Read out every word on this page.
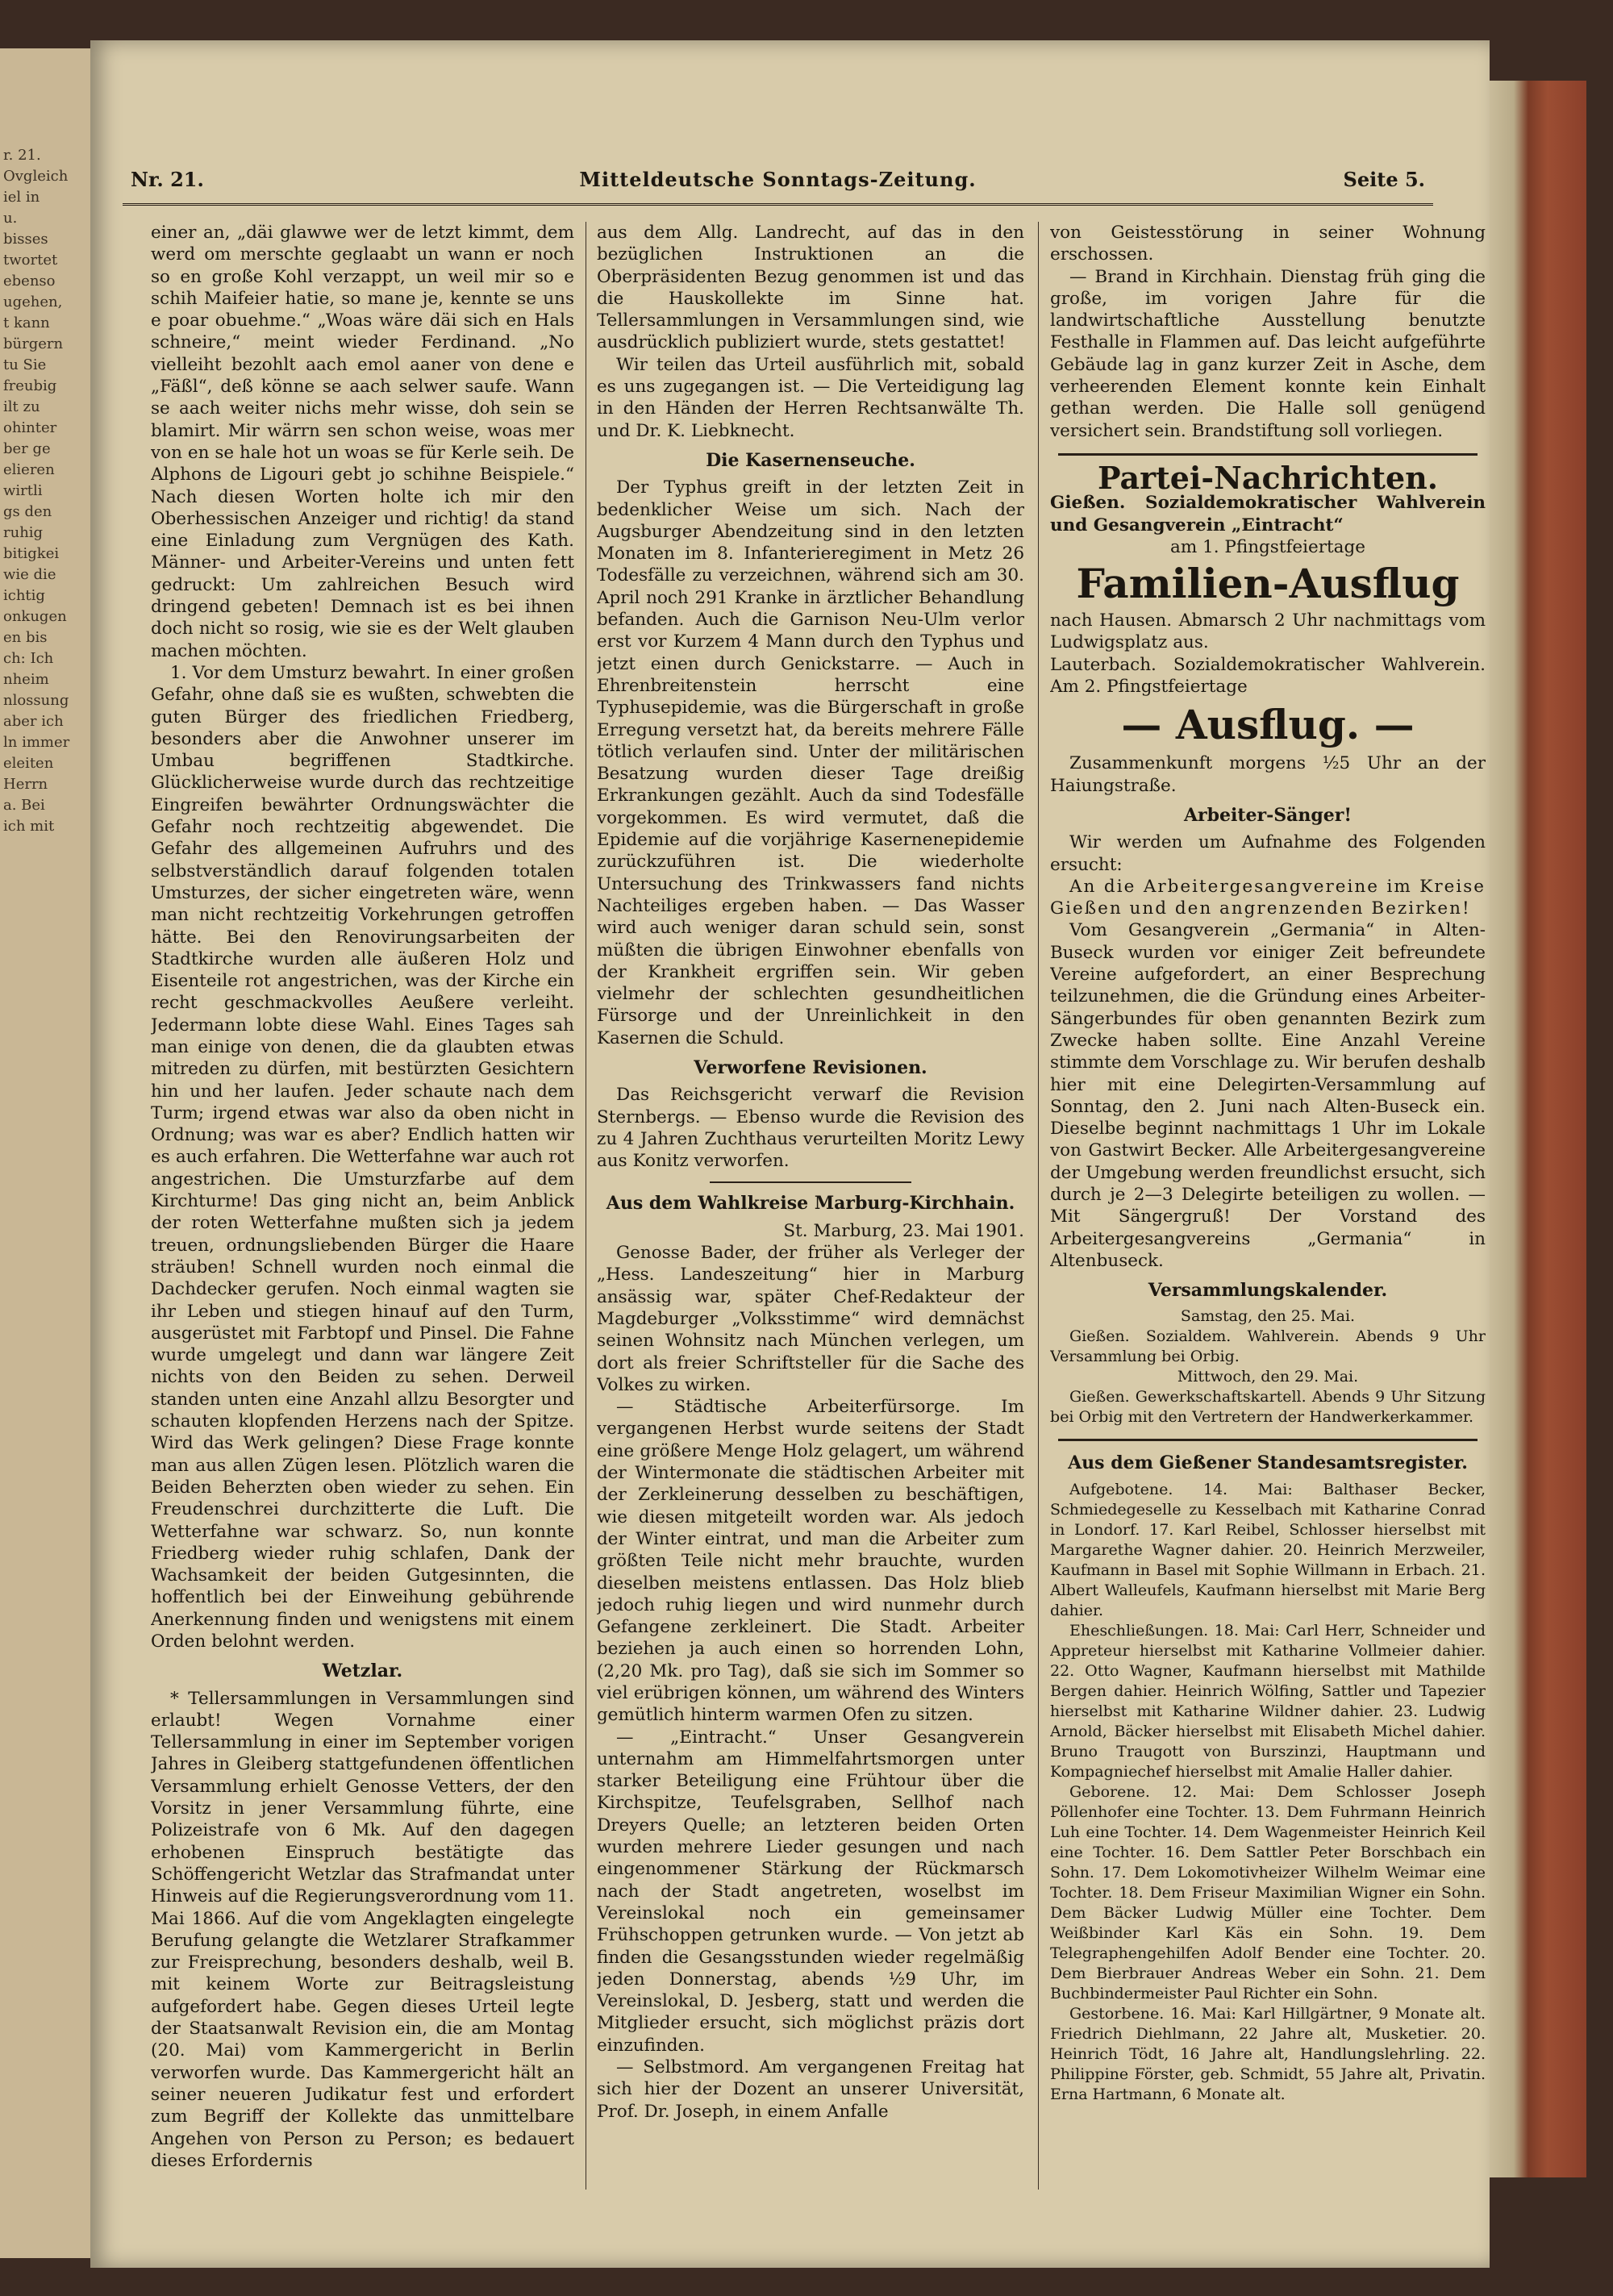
r. 21.
Ovgleich
iel in
u.
bisses
twortet
ebenso
ugehen,
t kann
bürgern
tu Sie
freubig
ilt zu
ohinter
ber ge
elieren
wirtli
gs den
ruhig
bitigkei
wie die
ichtig
onkugen
en bis
ch: Ich
nheim
nlossung
aber ich
ln immer
eleiten
Herrn
a. Bei
ich mit
Nr. 21.	Mitteldeutsche Sonntags-Zeitung.	Seite 5.

einer an, „däi glawwe wer de letzt kimmt, dem werd om merschte geglaabt un wann er noch so en große Kohl verzappt, un weil mir so e schih Maifeier hatie, so mane je, kennte se uns e poar obuehme.“ „Woas wäre däi sich en Hals schneire,“ meint wieder Ferdinand. „No vielleiht bezohlt aach emol aaner von dene e „Fäßl“, deß könne se aach selwer saufe. Wann se aach weiter nichs mehr wisse, doh sein se blamirt. Mir wärrn sen schon weise, woas mer von en se hale hot un woas se für Kerle seih. De Alphons de Ligouri gebt jo schihne Beispiele.“ Nach diesen Worten holte ich mir den Oberhessischen Anzeiger und richtig! da stand eine Einladung zum Vergnügen des Kath. Männer- und Arbeiter-Vereins und unten fett gedruckt: Um zahlreichen Besuch wird dringend gebeten! Demnach ist es bei ihnen doch nicht so rosig, wie sie es der Welt glauben machen möchten.

1. Vor dem Umsturz bewahrt. In einer großen Gefahr, ohne daß sie es wußten, schwebten die guten Bürger des friedlichen Friedberg, besonders aber die Anwohner unserer im Umbau begriffenen Stadtkirche. Glücklicherweise wurde durch das rechtzeitige Eingreifen bewährter Ordnungswächter die Gefahr noch rechtzeitig abgewendet. Die Gefahr des allgemeinen Aufruhrs und des selbstverständlich darauf folgenden totalen Umsturzes, der sicher eingetreten wäre, wenn man nicht rechtzeitig Vorkehrungen getroffen hätte. Bei den Renovirungsarbeiten der Stadtkirche wurden alle äußeren Holz und Eisenteile rot angestrichen, was der Kirche ein recht geschmackvolles Aeußere verleiht. Jedermann lobte diese Wahl. Eines Tages sah man einige von denen, die da glaubten etwas mitreden zu dürfen, mit bestürzten Gesichtern hin und her laufen. Jeder schaute nach dem Turm; irgend etwas war also da oben nicht in Ordnung; was war es aber? Endlich hatten wir es auch erfahren. Die Wetterfahne war auch rot angestrichen. Die Umsturzfarbe auf dem Kirchturme! Das ging nicht an, beim Anblick der roten Wetterfahne mußten sich ja jedem treuen, ordnungsliebenden Bürger die Haare sträuben! Schnell wurden noch einmal die Dachdecker gerufen. Noch einmal wagten sie ihr Leben und stiegen hinauf auf den Turm, ausgerüstet mit Farbtopf und Pinsel. Die Fahne wurde umgelegt und dann war längere Zeit nichts von den Beiden zu sehen. Derweil standen unten eine Anzahl allzu Besorgter und schauten klopfenden Herzens nach der Spitze. Wird das Werk gelingen? Diese Frage konnte man aus allen Zügen lesen. Plötzlich waren die Beiden Beherzten oben wieder zu sehen. Ein Freudenschrei durchzitterte die Luft. Die Wetterfahne war schwarz. So, nun konnte Friedberg wieder ruhig schlafen, Dank der Wachsamkeit der beiden Gutgesinnten, die hoffentlich bei der Einweihung gebührende Anerkennung finden und wenigstens mit einem Orden belohnt werden.

Wetzlar.

* Tellersammlungen in Versammlungen sind erlaubt! Wegen Vornahme einer Tellersammlung in einer im September vorigen Jahres in Gleiberg stattgefundenen öffentlichen Versammlung erhielt Genosse Vetters, der den Vorsitz in jener Versammlung führte, eine Polizeistrafe von 6 Mk. Auf den dagegen erhobenen Einspruch bestätigte das Schöffengericht Wetzlar das Strafmandat unter Hinweis auf die Regierungsverordnung vom 11. Mai 1866. Auf die vom Angeklagten eingelegte Berufung gelangte die Wetzlarer Strafkammer zur Freisprechung, besonders deshalb, weil B. mit keinem Worte zur Beitragsleistung aufgefordert habe. Gegen dieses Urteil legte der Staatsanwalt Revision ein, die am Montag (20. Mai) vom Kammergericht in Berlin verworfen wurde. Das Kammergericht hält an seiner neueren Judikatur fest und erfordert zum Begriff der Kollekte das unmittelbare Angehen von Person zu Person; es bedauert dieses Erfordernis

aus dem Allg. Landrecht, auf das in den bezüglichen Instruktionen an die Oberpräsidenten Bezug genommen ist und das die Hauskollekte im Sinne hat. Tellersammlungen in Versammlungen sind, wie ausdrücklich publiziert wurde, stets gestattet!

Wir teilen das Urteil ausführlich mit, sobald es uns zugegangen ist. — Die Verteidigung lag in den Händen der Herren Rechtsanwälte Th. und Dr. K. Liebknecht.

Die Kasernenseuche.

Der Typhus greift in der letzten Zeit in bedenklicher Weise um sich. Nach der Augsburger Abendzeitung sind in den letzten Monaten im 8. Infanterieregiment in Metz 26 Todesfälle zu verzeichnen, während sich am 30. April noch 291 Kranke in ärztlicher Behandlung befanden. Auch die Garnison Neu-Ulm verlor erst vor Kurzem 4 Mann durch den Typhus und jetzt einen durch Genickstarre. — Auch in Ehrenbreitenstein herrscht eine Typhusepidemie, was die Bürgerschaft in große Erregung versetzt hat, da bereits mehrere Fälle tötlich verlaufen sind. Unter der militärischen Besatzung wurden dieser Tage dreißig Erkrankungen gezählt. Auch da sind Todesfälle vorgekommen. Es wird vermutet, daß die Epidemie auf die vorjährige Kasernenepidemie zurückzuführen ist. Die wiederholte Untersuchung des Trinkwassers fand nichts Nachteiliges ergeben haben. — Das Wasser wird auch weniger daran schuld sein, sonst müßten die übrigen Einwohner ebenfalls von der Krankheit ergriffen sein. Wir geben vielmehr der schlechten gesundheitlichen Fürsorge und der Unreinlichkeit in den Kasernen die Schuld.

Verworfene Revisionen.

Das Reichsgericht verwarf die Revision Sternbergs. — Ebenso wurde die Revision des zu 4 Jahren Zuchthaus verurteilten Moritz Lewy aus Konitz verworfen.

Aus dem Wahlkreise Marburg-Kirchhain.

St. Marburg, 23. Mai 1901.

Genosse Bader, der früher als Verleger der „Hess. Landeszeitung“ hier in Marburg ansässig war, später Chef-Redakteur der Magdeburger „Volksstimme“ wird demnächst seinen Wohnsitz nach München verlegen, um dort als freier Schriftsteller für die Sache des Volkes zu wirken.

— Städtische Arbeiterfürsorge. Im vergangenen Herbst wurde seitens der Stadt eine größere Menge Holz gelagert, um während der Wintermonate die städtischen Arbeiter mit der Zerkleinerung desselben zu beschäftigen, wie diesen mitgeteilt worden war. Als jedoch der Winter eintrat, und man die Arbeiter zum größten Teile nicht mehr brauchte, wurden dieselben meistens entlassen. Das Holz blieb jedoch ruhig liegen und wird nunmehr durch Gefangene zerkleinert. Die Stadt. Arbeiter beziehen ja auch einen so horrenden Lohn, (2,20 Mk. pro Tag), daß sie sich im Sommer so viel erübrigen können, um während des Winters gemütlich hinterm warmen Ofen zu sitzen.

— „Eintracht.“ Unser Gesangverein unternahm am Himmelfahrtsmorgen unter starker Beteiligung eine Frühtour über die Kirchspitze, Teufelsgraben, Sellhof nach Dreyers Quelle; an letzteren beiden Orten wurden mehrere Lieder gesungen und nach eingenommener Stärkung der Rückmarsch nach der Stadt angetreten, woselbst im Vereinslokal noch ein gemeinsamer Frühschoppen getrunken wurde. — Von jetzt ab finden die Gesangsstunden wieder regelmäßig jeden Donnerstag, abends ½9 Uhr, im Vereinslokal, D. Jesberg, statt und werden die Mitglieder ersucht, sich möglichst präzis dort einzufinden.

— Selbstmord. Am vergangenen Freitag hat sich hier der Dozent an unserer Universität, Prof. Dr. Joseph, in einem Anfalle

von Geistesstörung in seiner Wohnung erschossen.

— Brand in Kirchhain. Dienstag früh ging die große, im vorigen Jahre für die landwirtschaftliche Ausstellung benutzte Festhalle in Flammen auf. Das leicht aufgeführte Gebäude lag in ganz kurzer Zeit in Asche, dem verheerenden Element konnte kein Einhalt gethan werden. Die Halle soll genügend versichert sein. Brandstiftung soll vorliegen.

Partei-Nachrichten.

Gießen. Sozialdemokratischer Wahlverein und Gesangverein „Eintracht“

am 1. Pfingstfeiertage

Familien-Ausflug

nach Hausen. Abmarsch 2 Uhr nachmittags vom Ludwigsplatz aus.

Lauterbach. Sozialdemokratischer Wahlverein. Am 2. Pfingstfeiertage

— Ausflug. —

Zusammenkunft morgens ½5 Uhr an der Haiungstraße.

Arbeiter-Sänger!

Wir werden um Aufnahme des Folgenden ersucht:

An die Arbeitergesangvereine im Kreise Gießen und den angrenzenden Bezirken!

Vom Gesangverein „Germania“ in Alten-Buseck wurden vor einiger Zeit befreundete Vereine aufgefordert, an einer Besprechung teilzunehmen, die die Gründung eines Arbeiter-Sängerbundes für oben genannten Bezirk zum Zwecke haben sollte. Eine Anzahl Vereine stimmte dem Vorschlage zu. Wir berufen deshalb hier mit eine Delegirten-Versammlung auf Sonntag, den 2. Juni nach Alten-Buseck ein. Dieselbe beginnt nachmittags 1 Uhr im Lokale von Gastwirt Becker. Alle Arbeitergesangvereine der Umgebung werden freundlichst ersucht, sich durch je 2—3 Delegirte beteiligen zu wollen. — Mit Sängergruß! Der Vorstand des Arbeitergesangvereins „Germania“ in Altenbuseck.

Versammlungskalender.

Samstag, den 25. Mai.

Gießen. Sozialdem. Wahlverein. Abends 9 Uhr Versammlung bei Orbig.

Mittwoch, den 29. Mai.

Gießen. Gewerkschaftskartell. Abends 9 Uhr Sitzung bei Orbig mit den Vertretern der Handwerkerkammer.

Aus dem Gießener Standesamtsregister.

Aufgebotene. 14. Mai: Balthaser Becker, Schmiedegeselle zu Kesselbach mit Katharine Conrad in Londorf. 17. Karl Reibel, Schlosser hierselbst mit Margarethe Wagner dahier. 20. Heinrich Merzweiler, Kaufmann in Basel mit Sophie Willmann in Erbach. 21. Albert Walleufels, Kaufmann hierselbst mit Marie Berg dahier.

Eheschließungen. 18. Mai: Carl Herr, Schneider und Appreteur hierselbst mit Katharine Vollmeier dahier. 22. Otto Wagner, Kaufmann hierselbst mit Mathilde Bergen dahier. Heinrich Wölfing, Sattler und Tapezier hierselbst mit Katharine Wildner dahier. 23. Ludwig Arnold, Bäcker hierselbst mit Elisabeth Michel dahier. Bruno Traugott von Burszinzi, Hauptmann und Kompagniechef hierselbst mit Amalie Haller dahier.

Geborene. 12. Mai: Dem Schlosser Joseph Pöllenhofer eine Tochter. 13. Dem Fuhrmann Heinrich Luh eine Tochter. 14. Dem Wagenmeister Heinrich Keil eine Tochter. 16. Dem Sattler Peter Borschbach ein Sohn. 17. Dem Lokomotivheizer Wilhelm Weimar eine Tochter. 18. Dem Friseur Maximilian Wigner ein Sohn. Dem Bäcker Ludwig Müller eine Tochter. Dem Weißbinder Karl Käs ein Sohn. 19. Dem Telegraphengehilfen Adolf Bender eine Tochter. 20. Dem Bierbrauer Andreas Weber ein Sohn. 21. Dem Buchbindermeister Paul Richter ein Sohn.

Gestorbene. 16. Mai: Karl Hillgärtner, 9 Monate alt. Friedrich Diehlmann, 22 Jahre alt, Musketier. 20. Heinrich Tödt, 16 Jahre alt, Handlungslehrling. 22. Philippine Förster, geb. Schmidt, 55 Jahre alt, Privatin. Erna Hartmann, 6 Monate alt.
